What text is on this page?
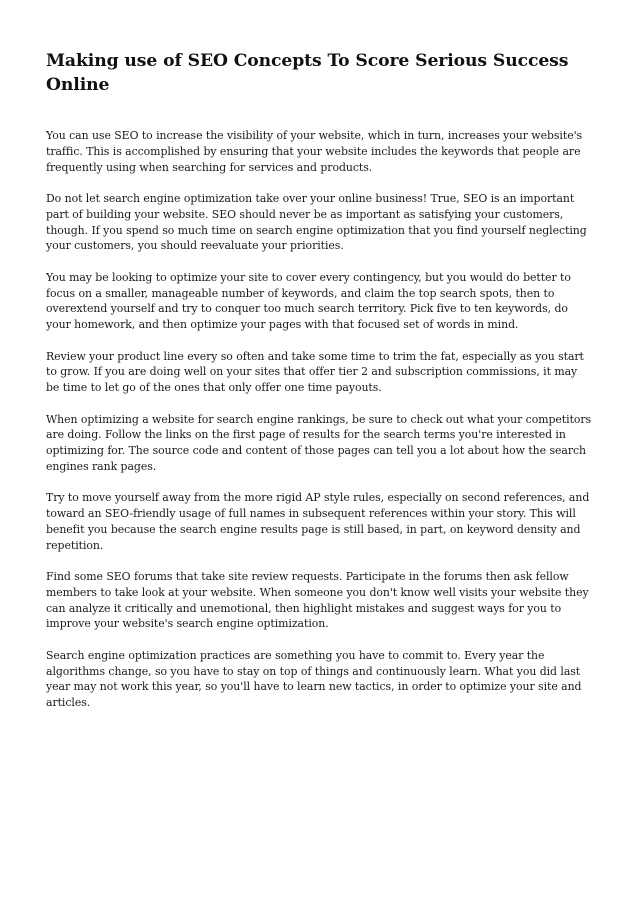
Making use of SEO Concepts To Score Serious Success Online

You can use SEO to increase the visibility of your website, which in turn, increases your website's traffic. This is accomplished by ensuring that your website includes the keywords that people are frequently using when searching for services and products.

Do not let search engine optimization take over your online business! True, SEO is an important part of building your website. SEO should never be as important as satisfying your customers, though. If you spend so much time on search engine optimization that you find yourself neglecting your customers, you should reevaluate your priorities.

You may be looking to optimize your site to cover every contingency, but you would do better to focus on a smaller, manageable number of keywords, and claim the top search spots, then to overextend yourself and try to conquer too much search territory. Pick five to ten keywords, do your homework, and then optimize your pages with that focused set of words in mind.

Review your product line every so often and take some time to trim the fat, especially as you start to grow. If you are doing well on your sites that offer tier 2 and subscription commissions, it may be time to let go of the ones that only offer one time payouts.

When optimizing a website for search engine rankings, be sure to check out what your competitors are doing. Follow the links on the first page of results for the search terms you're interested in optimizing for. The source code and content of those pages can tell you a lot about how the search engines rank pages.

Try to move yourself away from the more rigid AP style rules, especially on second references, and toward an SEO-friendly usage of full names in subsequent references within your story. This will benefit you because the search engine results page is still based, in part, on keyword density and repetition.

Find some SEO forums that take site review requests. Participate in the forums then ask fellow members to take look at your website. When someone you don't know well visits your website they can analyze it critically and unemotional, then highlight mistakes and suggest ways for you to improve your website's search engine optimization.

Search engine optimization practices are something you have to commit to. Every year the algorithms change, so you have to stay on top of things and continuously learn. What you did last year may not work this year, so you'll have to learn new tactics, in order to optimize your site and articles.
